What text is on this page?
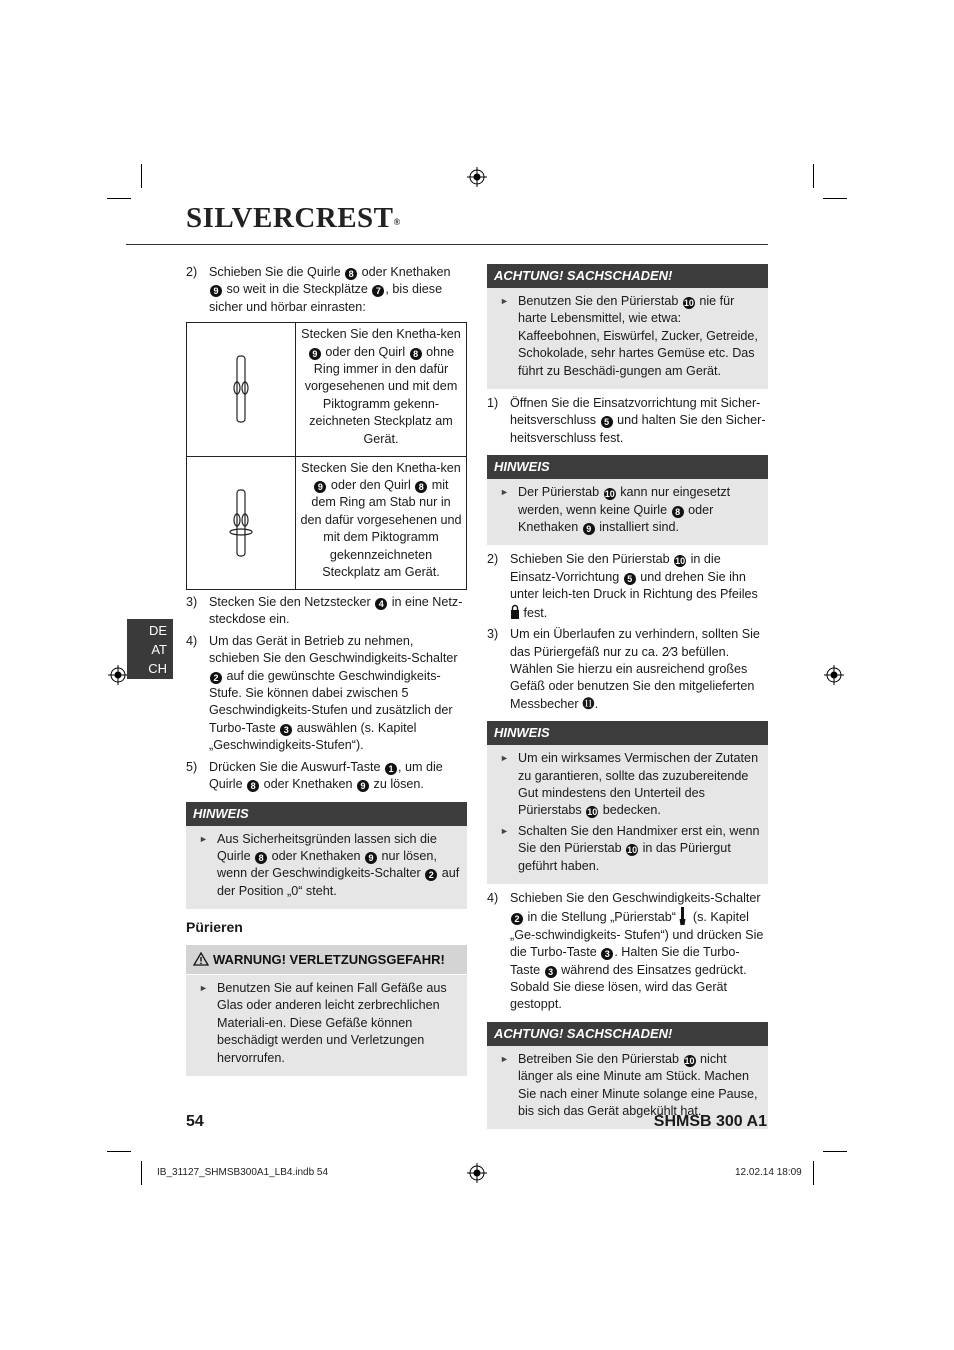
SILVERCREST®
DE
AT
CH
2) Schieben Sie die Quirle 8 oder Knethaken 9 so weit in die Steckplätze 7 , bis diese sicher und hörbar einrasten:
	Stecken Sie den Knetha-ken 9 oder den Quirl 8 ohne Ring immer in den dafür vorgesehenen und mit dem Piktogramm gekenn-zeichneten Steckplatz am Gerät.
	Stecken Sie den Knetha-ken 9 oder den Quirl 8 mit dem Ring am Stab nur in den dafür vorgesehenen und mit dem Piktogramm gekennzeichneten Steckplatz am Gerät.
3) Stecken Sie den Netzstecker 4 in eine Netz-steckdose ein.
4) Um das Gerät in Betrieb zu nehmen, schieben Sie den Geschwindigkeits-Schalter 2 auf die gewünschte Geschwindigkeits-Stufe. Sie können dabei zwischen 5 Geschwindigkeits-Stufen und zusätzlich der Turbo-Taste 3 auswählen (s. Kapitel „Geschwindigkeits-Stufen“).
5) Drücken Sie die Auswurf-Taste 1 , um die Quirle 8 oder Knethaken 9 zu lösen.
HINWEIS
► Aus Sicherheitsgründen lassen sich die Quirle 8 oder Knethaken 9 nur lösen, wenn der Geschwindigkeits-Schalter 2 auf der Position „0“ steht.
Pürieren
WARNUNG! VERLETZUNGSGEFAHR!
► Benutzen Sie auf keinen Fall Gefäße aus Glas oder anderen leicht zerbrechlichen Materiali-en. Diese Gefäße können beschädigt werden und Verletzungen hervorrufen.
ACHTUNG! SACHSCHADEN!
► Benutzen Sie den Pürierstab 10 nie für harte Lebensmittel, wie etwa: Kaffeebohnen, Eiswürfel, Zucker, Getreide, Schokolade, sehr hartes Gemüse etc. Das führt zu Beschädi-gungen am Gerät.
1) Öffnen Sie die Einsatzvorrichtung mit Sicher-heitsverschluss 5 und halten Sie den Sicher-heitsverschluss fest.
HINWEIS
► Der Pürierstab 10 kann nur eingesetzt werden, wenn keine Quirle 8 oder Knethaken 9 installiert sind.
2) Schieben Sie den Pürierstab 10 in die Einsatz-Vorrichtung 5 und drehen Sie ihn unter leich-ten Druck in Richtung des Pfeiles  fest.
3) Um ein Überlaufen zu verhindern, sollten Sie das Püriergefäß nur zu ca. 2⁄3 befüllen. Wählen Sie hierzu ein ausreichend großes Gefäß oder benutzen Sie den mitgelieferten Messbecher ⓫.
HINWEIS
► Um ein wirksames Vermischen der Zutaten zu garantieren, sollte das zuzubereitende Gut mindestens den Unterteil des Pürierstabs 10 bedecken.
► Schalten Sie den Handmixer erst ein, wenn Sie den Pürierstab 10 in das Püriergut geführt haben.
4) Schieben Sie den Geschwindigkeits-Schalter 2 in die Stellung „Pürierstab“  (s. Kapitel „Ge-schwindigkeits- Stufen“) und drücken Sie die Turbo-Taste 3 . Halten Sie die Turbo-Taste 3 während des Einsatzes gedrückt. Sobald Sie diese lösen, wird das Gerät gestoppt.
ACHTUNG! SACHSCHADEN!
► Betreiben Sie den Pürierstab 10 nicht länger als eine Minute am Stück. Machen Sie nach einer Minute solange eine Pause, bis sich das Gerät abgekühlt hat.
54	SHMSB 300 A1
IB_31127_SHMSB300A1_LB4.indb 54	12.02.14 18:09
